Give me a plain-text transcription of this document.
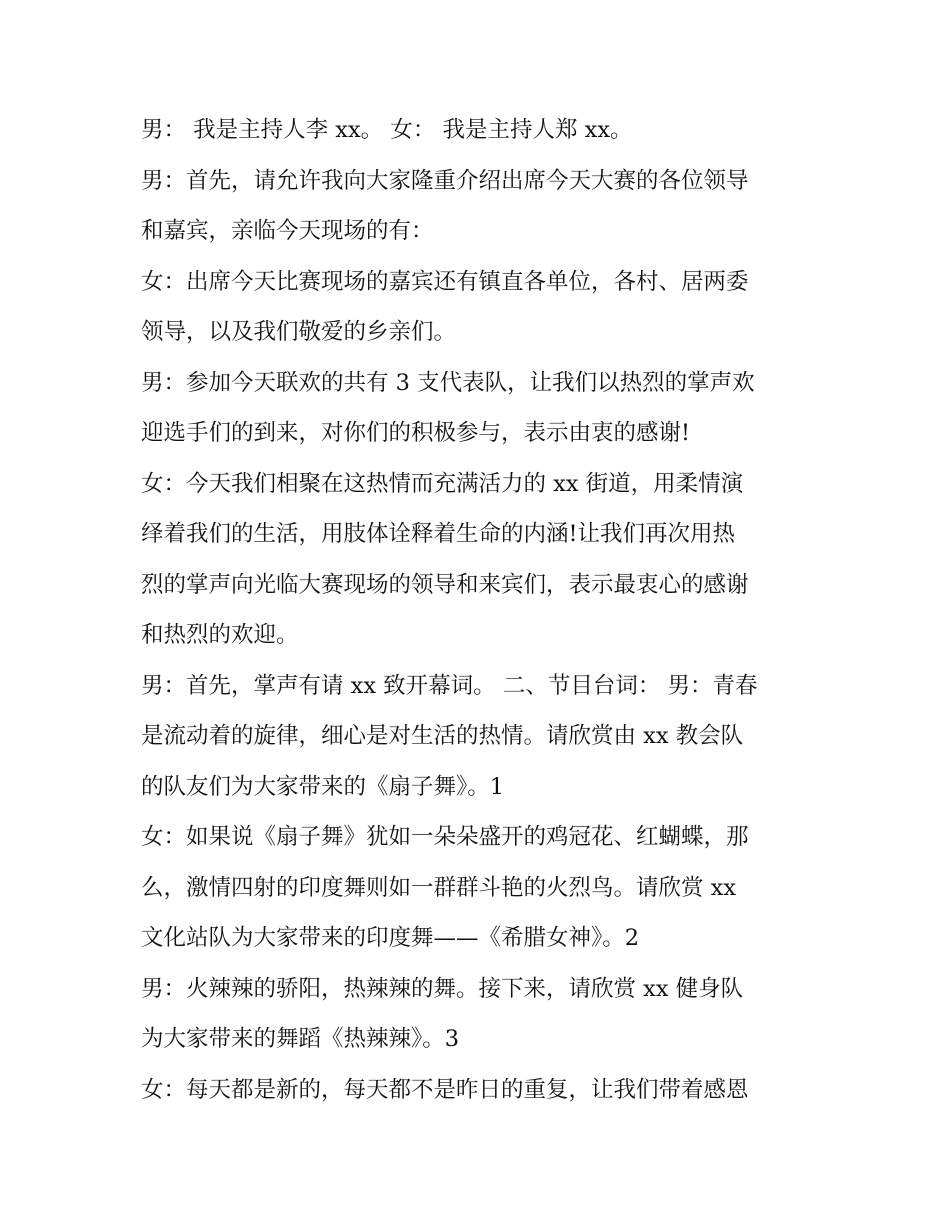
男： 我是主持人李 xx。 女： 我是主持人郑 xx。
男：首先，请允许我向大家隆重介绍出席今天大赛的各位领导
和嘉宾，亲临今天现场的有：
女：出席今天比赛现场的嘉宾还有镇直各单位，各村、居两委
领导，以及我们敬爱的乡亲们。
男：参加今天联欢的共有 3 支代表队，让我们以热烈的掌声欢
迎选手们的到来，对你们的积极参与，表示由衷的感谢!
女：今天我们相聚在这热情而充满活力的 xx 街道，用柔情演
绎着我们的生活，用肢体诠释着生命的内涵!让我们再次用热
烈的掌声向光临大赛现场的领导和来宾们，表示最衷心的感谢
和热烈的欢迎。
男：首先，掌声有请 xx 致开幕词。 二、节目台词： 男：青春
是流动着的旋律，细心是对生活的热情。请欣赏由 xx 教会队
的队友们为大家带来的《扇子舞》。1
女：如果说《扇子舞》犹如一朵朵盛开的鸡冠花、红蝴蝶，那
么，激情四射的印度舞则如一群群斗艳的火烈鸟。请欣赏 xx
文化站队为大家带来的印度舞——《希腊女神》。2
男：火辣辣的骄阳，热辣辣的舞。接下来，请欣赏 xx 健身队
为大家带来的舞蹈《热辣辣》。3
女：每天都是新的，每天都不是昨日的重复，让我们带着感恩
